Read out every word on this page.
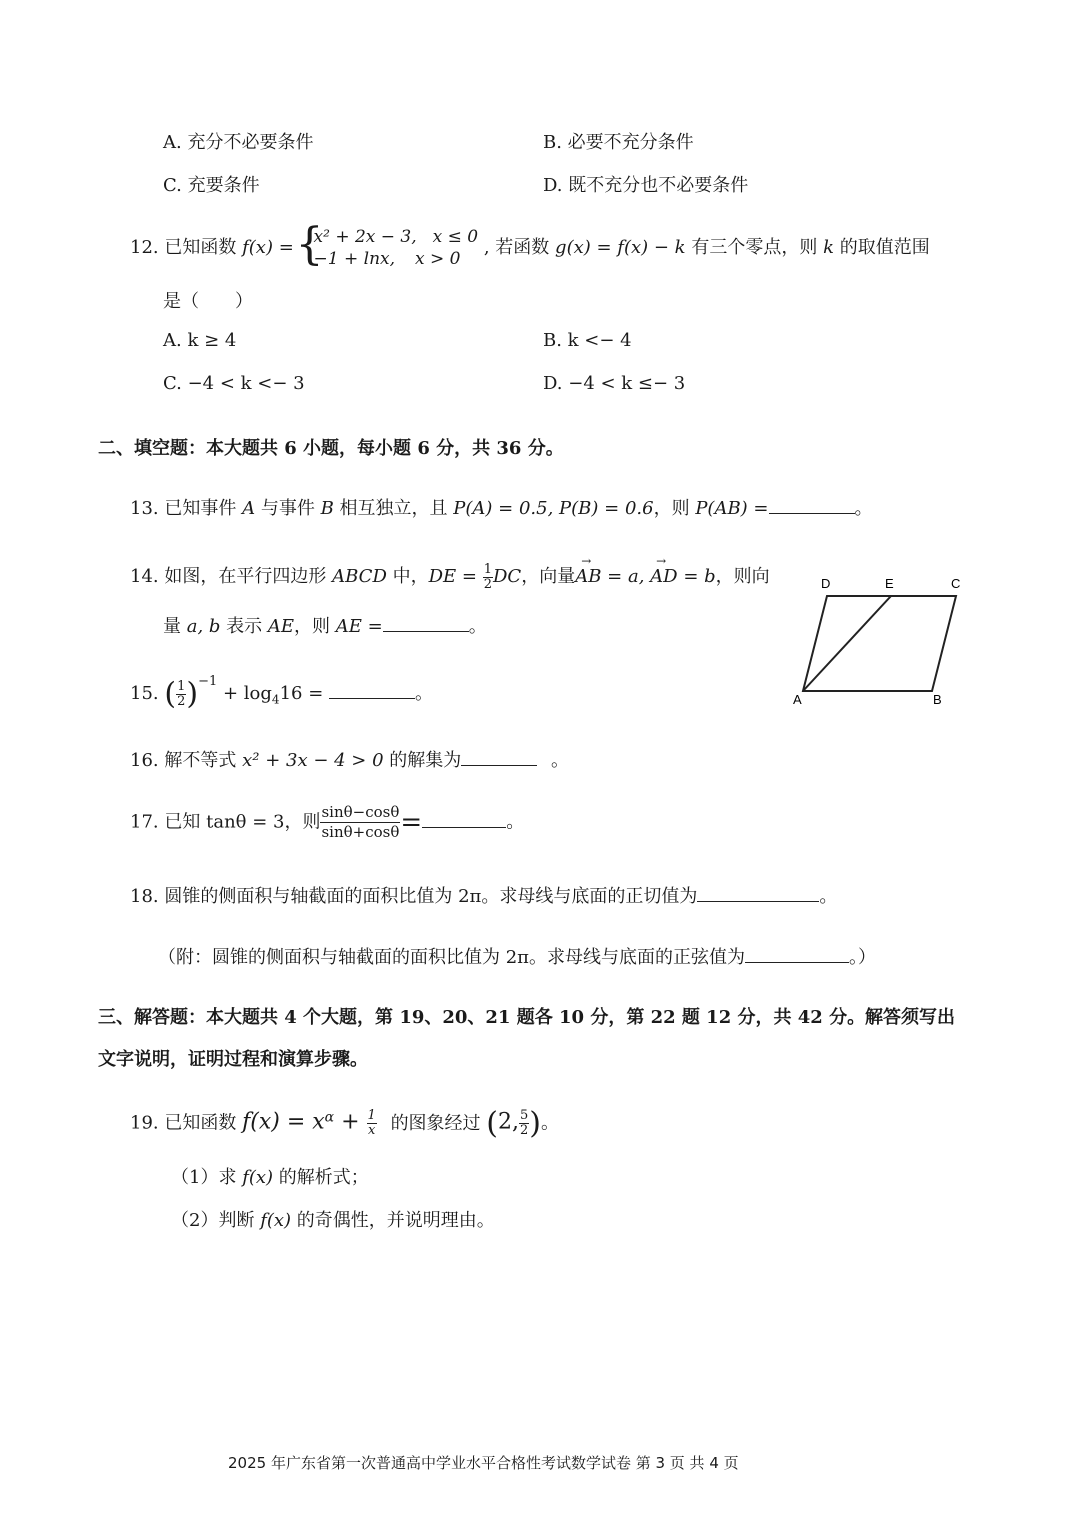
A. 充分不必要条件	B. 必要不充分条件
C. 充要条件	D. 既不充分也不必要条件
12. 已知函数 f(x) = {
x² + 2x − 3, x ≤ 0
−1 + lnx, x > 0
, 若函数 g(x) = f(x) − k 有三个零点，则 k 的取值范围
是（　　）
A. k ≥ 4	B. k <− 4
C. −4 < k <− 3	D. −4 < k ≤− 3
二、填空题：本大题共 6 小题，每小题 6 分，共 36 分。
13. 已知事件 A 与事件 B 相互独立，且 P(A) = 0.5, P(B) = 0.6，则 P(AB) =	。
14. 如图，在平行四边形 ABCD 中，DE = $\frac{1}{2}$ DC，向量
→
AB = a,
→
AD = b，则向
量 a, b 表示 AE，则 AE =	。
D	E	C
A	B
15. ( $\frac{1}{2} )^{-1} + \log_416$ =	。
16. 解不等式 x² + 3x − 4 > 0 的解集为	。
17. 已知 tanθ = 3，则 $\frac{\sin\theta-\cos\theta}{\sin\theta+\cos\theta}$ =	。
18. 圆锥的侧面积与轴截面的面积比值为 2π。求母线与底面的正切值为	。
（附：圆锥的侧面积与轴截面的面积比值为 2π。求母线与底面的正弦值为	。）
三、解答题：本大题共 4 个大题，第 19、20、21 题各 10 分，第 22 题 12 分，共 42 分。解答须写出
文字说明，证明过程和演算步骤。
19. 已知函数 $f(x) = x^\alpha + \frac{1}{x}$ 的图象经过 (2, $\frac{5}{2}$ )。
（1）求 f(x) 的解析式；
（2）判断 f(x) 的奇偶性，并说明理由。
2025 年广东省第一次普通高中学业水平合格性考试数学试卷 第 3 页 共 4 页
